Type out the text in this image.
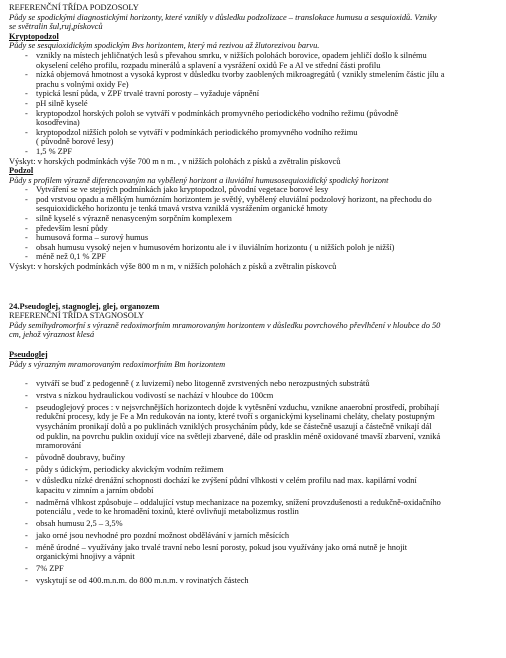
REFERENČNÍ TŘÍDA PODZOSOLY
Půdy se spodickými diagnostickými horizonty, které vznikly v důsledku podzolizace – translokace humusu a sesquioxidů. Vzniky
se světralin šul,ruj,pískovců
Kryptopodzol
Půdy se sesquioxidickým spodickým Bvs horizontem, který má rezivou až žlutorezivou barvu.
- vznikly na místech jehličnatých lesů s převahou smrku, v nižších polohách borovice, opadem jehličí došlo k silnému
okyselení celého profilu, rozpadu minerálů a splavení a vysrážení oxidů Fe a Al ve střední části profilu
- nízká objemová hmotnost a vysoká kyprost v důsledku tvorby zaoblených mikroagregátů ( vznikly stmelením částic jílu a
prachu s volnými oxidy Fe)
- typická lesní půda, v ZPF trvalé travní porosty – vyžaduje vápnění
- pH silně kyselé
- kryptopodzol horských poloh se vytváří v podmínkách promyvného periodického vodního režimu (původně
kosodřevina)
- kryptopodzol nižších poloh se vytváří v podmínkách periodického promyvného vodního režimu
( původně borové lesy)
- 1,5 % ZPF
Výskyt: v horských podmínkách výše 700 m n m. , v nižších polohách z písků a zvětralin pískovců
Podzol
Půdy s profilem výrazně diferencovaným na vybělený horizont a iluviální humusosequioxidický spodický horizont
- Vytváření se ve stejných podmínkách jako kryptopodzol, původní vegetace borové lesy
- pod vrstvou opadu a mělkým humózním horizontem je světlý, vybělený eluviální podzolový horizont, na přechodu do
sesquioxidického horizontu je tenká tmavá vrstva vzniklá vysrážením organické hmoty
- silně kyselé s výrazně nenasyceným sorpčním komplexem
- především lesní půdy
- humusová forma – surový humus
- obsah humusu vysoký nejen v humusovém horizontu ale i v iluviálním horizontu ( u nižších poloh je nižší)
- méně než 0,1 % ZPF
Výskyt: v horských podmínkách výše 800 m n m, v nižších polohách z písků a zvětralin pískovců
24.Pseudoglej, stagnoglej, glej, organozem
REFERENČNÍ TŘÍDA STAGNOSOLY
Půdy semihydromorfní s výrazně redoximorfním mramorovaným horizontem v důsledku povrchového převlhčení v hloubce do 50
cm, jehož výraznost klesá
Pseudoglej
Půdy s výrazným mramorovaným redoximorfním Bm horizontem
- vytváří se buď z pedogenně ( z luvizemí) nebo litogenně zvrstvených nebo nerozpustných substrátů
- vrstva s nízkou hydraulickou vodivostí se nachází v hloubce do 100cm
- pseudoglejový proces : v nejsvrchnějších horizontech dojde k vytěsnění vzduchu, vznikne anaerobní prostředí, probíhají
redukční procesy, kdy je Fe a Mn redukován na ionty, které tvoří s organickými kyselinami cheláty, chelaty postupným
vysycháním pronikají dolů a po puklinách vzniklých prosycháním půdy, kde se částečně usazují a částečně vnikají dál
od puklin, na povrchu puklin oxidují více na světleji zbarvené, dále od prasklin méně oxidované tmavší zbarvení, vzniká
mramorování
- původně doubravy, bučiny
- půdy s údickým, periodicky akvickým vodním režimem
- v důsledku nízké drenážní schopnosti dochází ke zvýšení půdní vlhkosti v celém profilu nad max. kapilární vodní
kapacitu v zimním a jarním období
- nadměrná vlhkost způsobuje – oddalující vstup mechanizace na pozemky, snížení provzdušenosti a redukčně-oxidačního
potenciálu , vede to ke hromadění toxinů, které ovlivňují metabolizmus rostlin
- obsah humusu 2,5 – 3,5%
- jako orné jsou nevhodné pro pozdní možnost obdělávání v jarních měsících
- méně úrodné – využívány jako trvalé travní nebo lesní porosty, pokud jsou využívány jako orná nutně je hnojit
organickými hnojivy a vápnit
- 7% ZPF
- vyskytují se od 400.m.n.m. do 800 m.n.m. v rovinatých částech
